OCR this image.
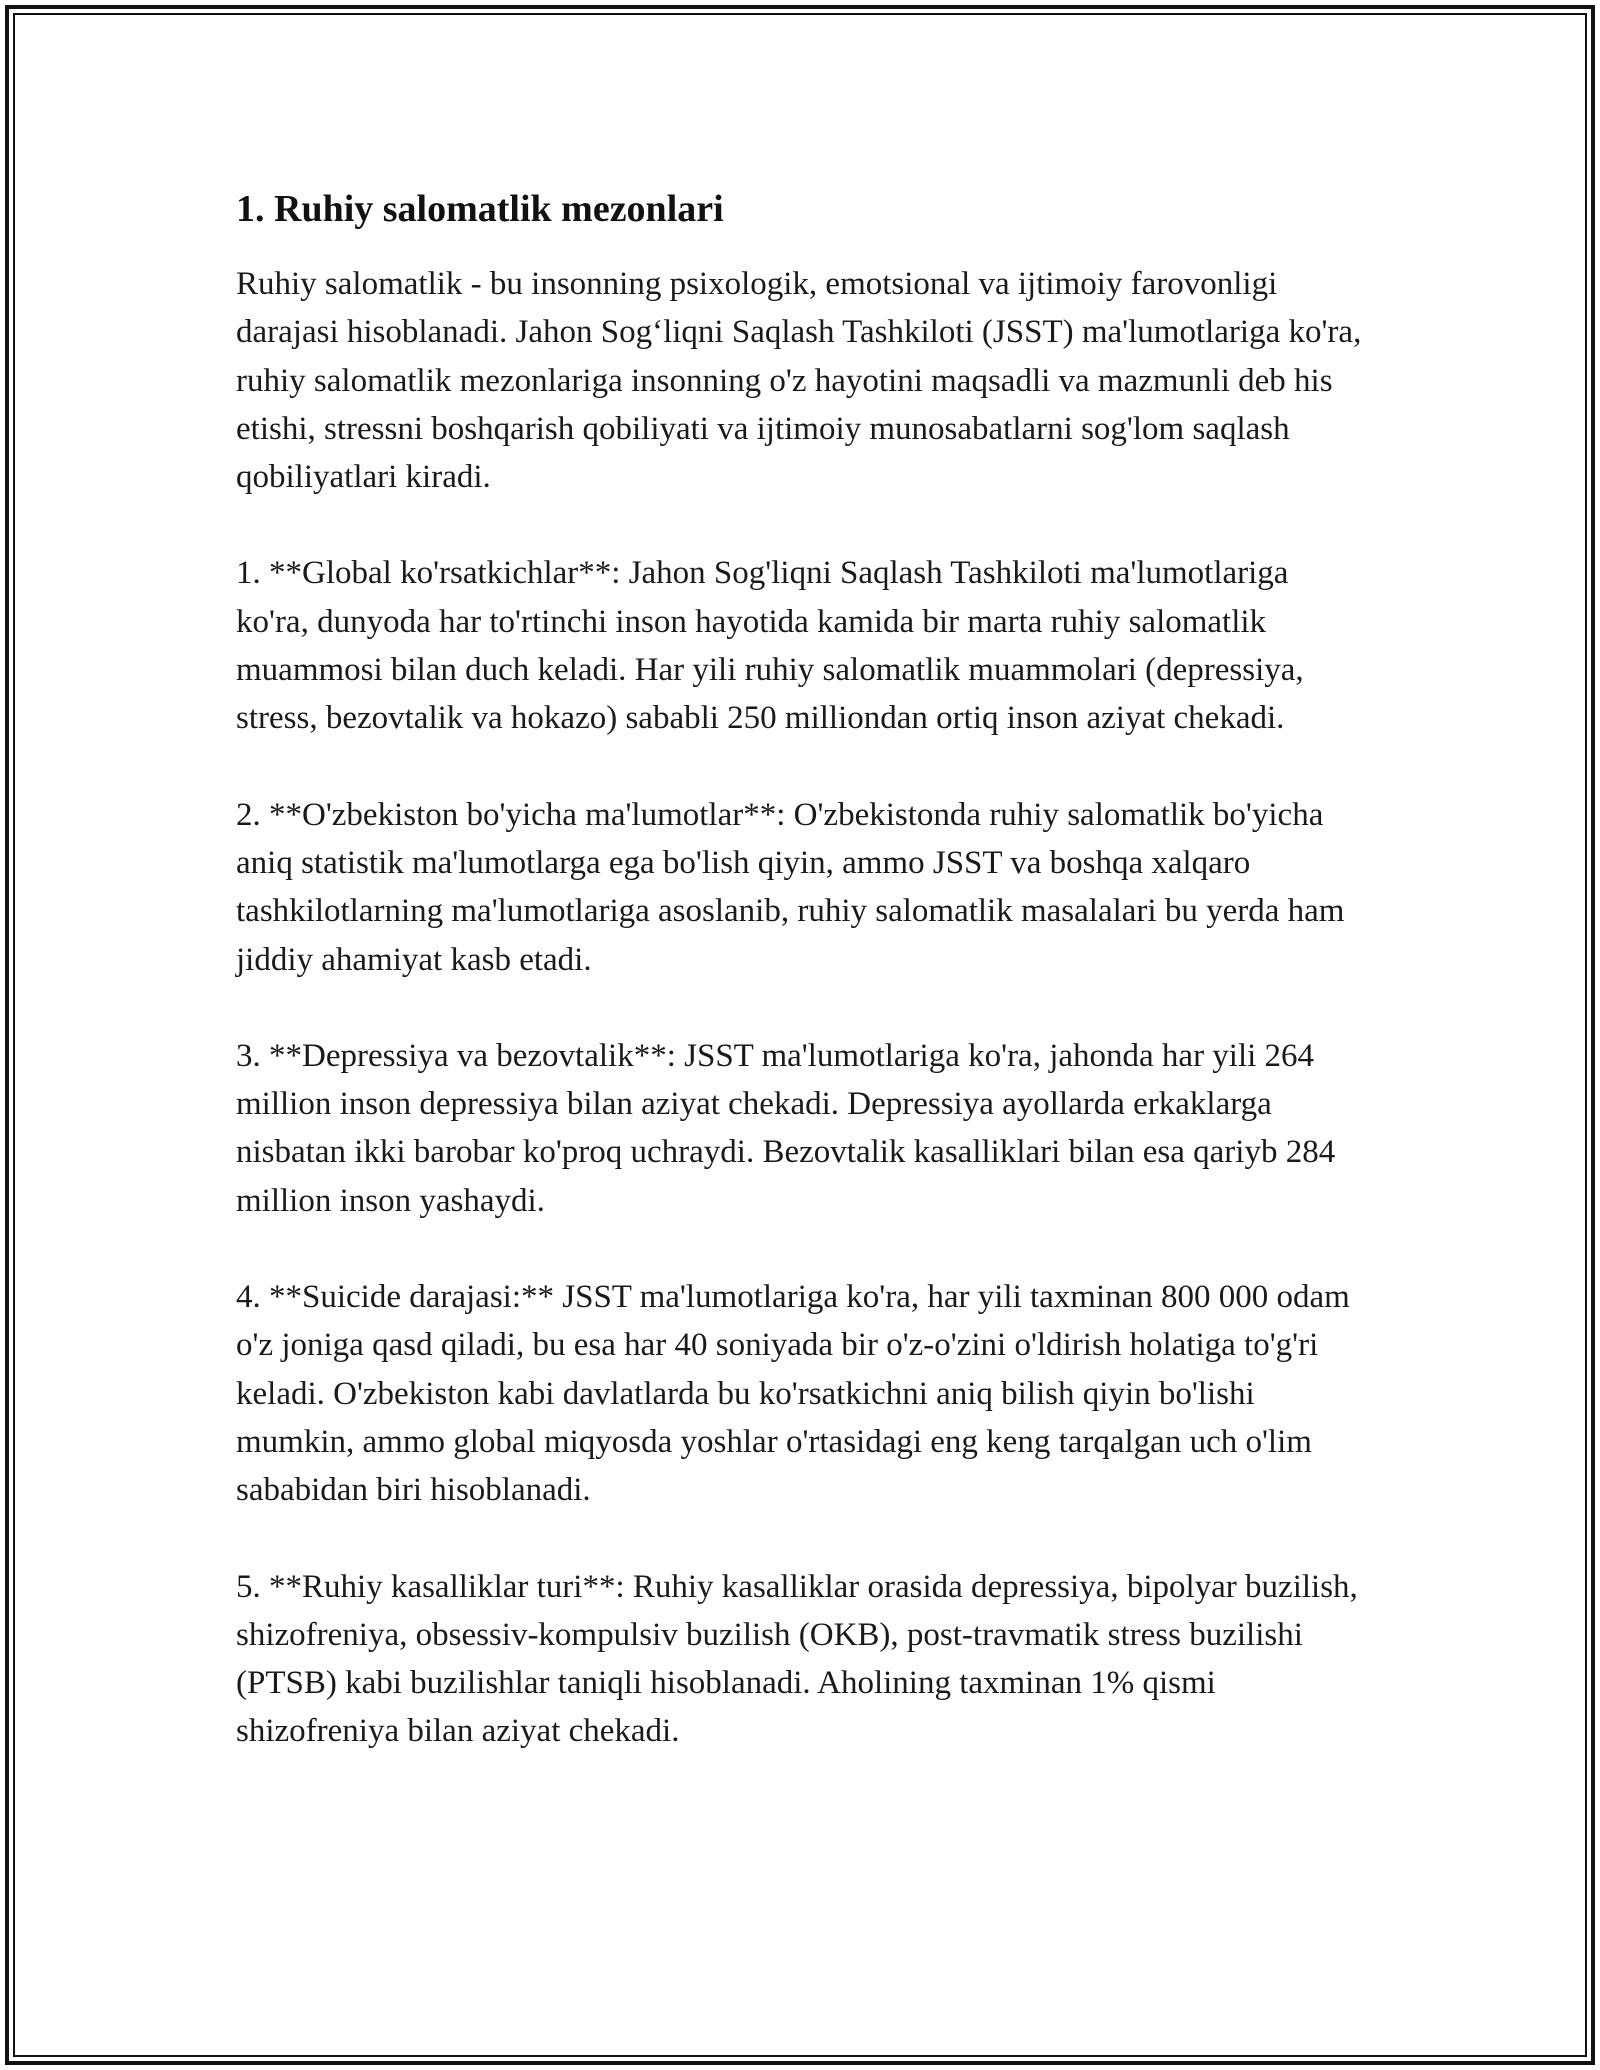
1. Ruhiy salomatlik mezonlari

Ruhiy salomatlik - bu insonning psixologik, emotsional va ijtimoiy farovonligi darajasi hisoblanadi. Jahon Sog‘liqni Saqlash Tashkiloti (JSST) ma'lumotlariga ko'ra, ruhiy salomatlik mezonlariga insonning o'z hayotini maqsadli va mazmunli deb his etishi, stressni boshqarish qobiliyati va ijtimoiy munosabatlarni sog'lom saqlash qobiliyatlari kiradi.

1. **Global ko'rsatkichlar**: Jahon Sog'liqni Saqlash Tashkiloti ma'lumotlariga ko'ra, dunyoda har to'rtinchi inson hayotida kamida bir marta ruhiy salomatlik muammosi bilan duch keladi. Har yili ruhiy salomatlik muammolari (depressiya, stress, bezovtalik va hokazo) sababli 250 milliondan ortiq inson aziyat chekadi.

2. **O'zbekiston bo'yicha ma'lumotlar**: O'zbekistonda ruhiy salomatlik bo'yicha aniq statistik ma'lumotlarga ega bo'lish qiyin, ammo JSST va boshqa xalqaro tashkilotlarning ma'lumotlariga asoslanib, ruhiy salomatlik masalalari bu yerda ham jiddiy ahamiyat kasb etadi.

3. **Depressiya va bezovtalik**: JSST ma'lumotlariga ko'ra, jahonda har yili 264 million inson depressiya bilan aziyat chekadi. Depressiya ayollarda erkaklarga nisbatan ikki barobar ko'proq uchraydi. Bezovtalik kasalliklari bilan esa qariyb 284 million inson yashaydi.

4. **Suicide darajasi:** JSST ma'lumotlariga ko'ra, har yili taxminan 800 000 odam o'z joniga qasd qiladi, bu esa har 40 soniyada bir o'z-o'zini o'ldirish holatiga to'g'ri keladi. O'zbekiston kabi davlatlarda bu ko'rsatkichni aniq bilish qiyin bo'lishi mumkin, ammo global miqyosda yoshlar o'rtasidagi eng keng tarqalgan uch o'lim sababidan biri hisoblanadi.

5. **Ruhiy kasalliklar turi**: Ruhiy kasalliklar orasida depressiya, bipolyar buzilish, shizofreniya, obsessiv-kompulsiv buzilish (OKB), post-travmatik stress buzilishi (PTSB) kabi buzilishlar taniqli hisoblanadi. Aholining taxminan 1% qismi shizofreniya bilan aziyat chekadi.
